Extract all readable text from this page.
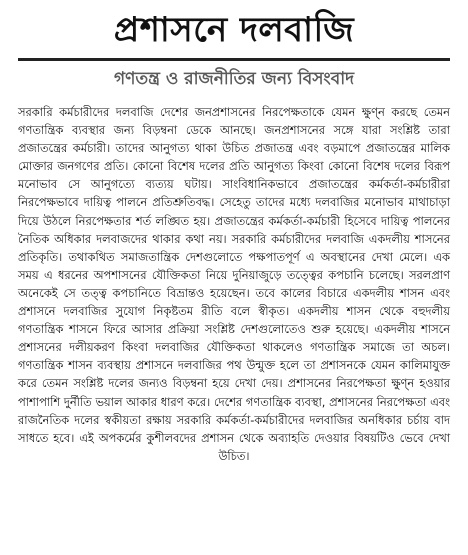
প্রশাসনে দলবাজি
গণতন্ত্র ও রাজনীতির জন্য বিসংবাদ

সরকারি কর্মচারীদের দলবাজি দেশের জনপ্রশাসনের নিরপেক্ষতাকে যেমন ক্ষুণ্ন করছে তেমন গণতান্ত্রিক ব্যবস্থার জন্য বিড়ম্বনা ডেকে আনছে। জনপ্রশাসনের সঙ্গে যারা সংশ্লিষ্ট তারা প্রজাতন্ত্রের কর্মচারী। তাদের আনুগত্য থাকা উচিত প্রজাতন্ত্র এবং বড়মাপে প্রজাতন্ত্রের মালিক মোক্তার জনগণের প্রতি। কোনো বিশেষ দলের প্রতি আনুগত্য কিংবা কোনো বিশেষ দলের বিরূপ মনোভাব সে আনুগত্যে ব্যত্যয় ঘটায়। সাংবিধানিকভাবে প্রজাতন্ত্রের কর্মকর্তা-কর্মচারীরা নিরপেক্ষভাবে দায়িত্ব পালনে প্রতিশ্রুতিবদ্ধ। সেহেতু তাদের মধ্যে দলবাজির মনোভাব মাথাচাড়া দিয়ে উঠলে নিরপেক্ষতার শর্ত লঙ্ঘিত হয়। প্রজাতন্ত্রের কর্মকর্তা-কর্মচারী হিসেবে দায়িত্ব পালনের নৈতিক অধিকার দলবাজদের থাকার কথা নয়। সরকারি কর্মচারীদের দলবাজি একদলীয় শাসনের প্রতিকৃতি। তথাকথিত সমাজতান্ত্রিক দেশগুলোতে পক্ষপাতপূর্ণ এ অবস্থানের দেখা মেলে। এক সময় এ ধরনের অপশাসনের যৌক্তিকতা নিয়ে দুনিয়াজুড়ে তত্ত্বের কপচানি চলেছে। সরলপ্রাণ অনেকেই সে তত্ত্ব কপচানিতে বিভ্রান্তও হয়েছেন। তবে কালের বিচারে একদলীয় শাসন এবং প্রশাসনে দলবাজির সুযোগ নিকৃষ্টতম রীতি বলে স্বীকৃত। একদলীয় শাসন থেকে বহুদলীয় গণতান্ত্রিক শাসনে ফিরে আসার প্রক্রিয়া সংশ্লিষ্ট দেশগুলোতেও শুরু হয়েছে। একদলীয় শাসনে প্রশাসনের দলীয়করণ কিংবা দলবাজির যৌক্তিকতা থাকলেও গণতান্ত্রিক সমাজে তা অচল। গণতান্ত্রিক শাসন ব্যবস্থায় প্রশাসনে দলবাজির পথ উন্মুক্ত হলে তা প্রশাসনকে যেমন কালিমাযুক্ত করে তেমন সংশ্লিষ্ট দলের জন্যও বিড়ম্বনা হয়ে দেখা দেয়। প্রশাসনের নিরপেক্ষতা ক্ষুণ্ন হওয়ার পাশাপাশি দুর্নীতি ভয়াল আকার ধারণ করে। দেশের গণতান্ত্রিক ব্যবস্থা, প্রশাসনের নিরপেক্ষতা এবং রাজনৈতিক দলের স্বকীয়তা রক্ষায় সরকারি কর্মকর্তা-কর্মচারীদের দলবাজির অনধিকার চর্চায় বাদ সাধতে হবে। এই অপকর্মের কুশীলবদের প্রশাসন থেকে অব্যাহতি দেওয়ার বিষয়টিও ভেবে দেখা উচিত।
